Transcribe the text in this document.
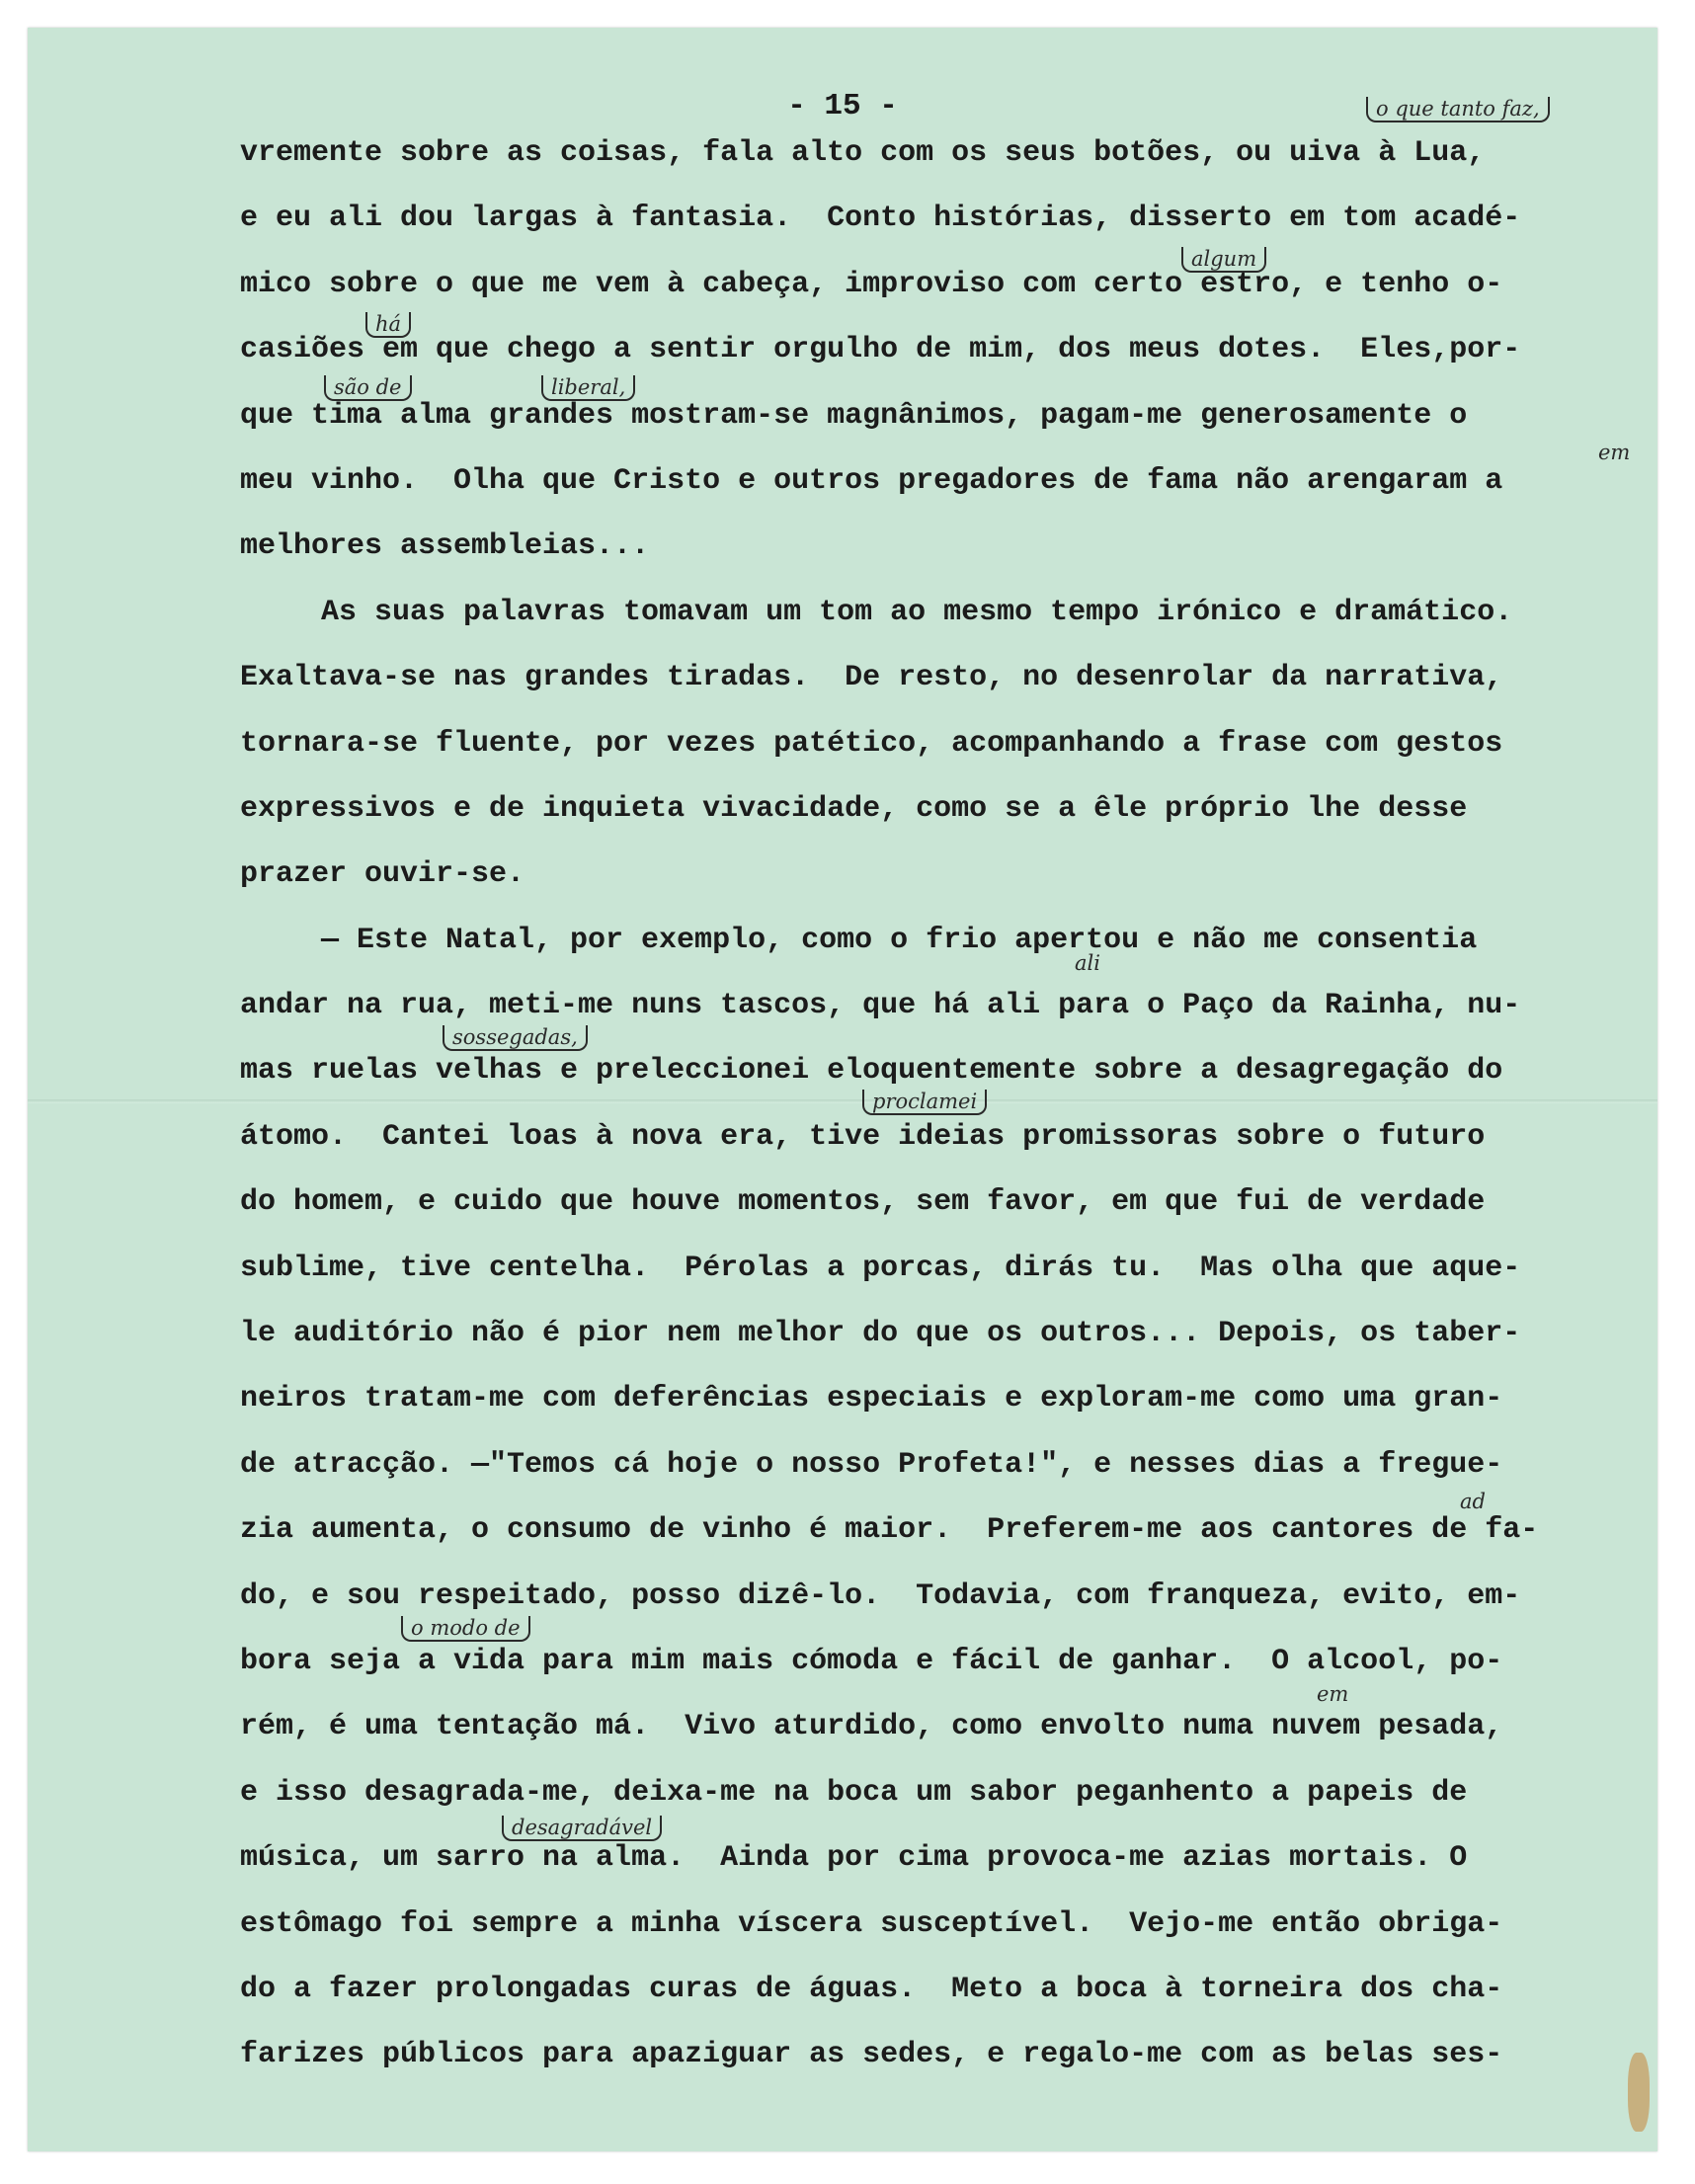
- 15 -
vremente sobre as coisas, fala alto com os seus botões, ou uiva à Lua,
e eu ali dou largas à fantasia.  Conto histórias, disserto em tom acadé-
mico sobre o que me vem à cabeça, improviso com certo estro, e tenho o-
casiões em que chego a sentir orgulho de mim, dos meus dotes.  Eles,por-
que tima alma grandes mostram-se magnânimos, pagam-me generosamente o
meu vinho.  Olha que Cristo e outros pregadores de fama não arengaram a
melhores assembleias...
As suas palavras tomavam um tom ao mesmo tempo irónico e dramático.
Exaltava-se nas grandes tiradas.  De resto, no desenrolar da narrativa,
tornara-se fluente, por vezes patético, acompanhando a frase com gestos
expressivos e de inquieta vivacidade, como se a êle próprio lhe desse
prazer ouvir-se.
— Este Natal, por exemplo, como o frio apertou e não me consentia
andar na rua, meti-me nuns tascos, que há ali para o Paço da Rainha, nu-
mas ruelas velhas e preleccionei eloquentemente sobre a desagregação do
átomo.  Cantei loas à nova era, tive ideias promissoras sobre o futuro
do homem, e cuido que houve momentos, sem favor, em que fui de verdade
sublime, tive centelha.  Pérolas a porcas, dirás tu.  Mas olha que aque-
le auditório não é pior nem melhor do que os outros... Depois, os taber-
neiros tratam-me com deferências especiais e exploram-me como uma gran-
de atracção. —"Temos cá hoje o nosso Profeta!", e nesses dias a fregue-
zia aumenta, o consumo de vinho é maior.  Preferem-me aos cantores de fa-
do, e sou respeitado, posso dizê-lo.  Todavia, com franqueza, evito, em-
bora seja a vida para mim mais cómoda e fácil de ganhar.  O alcool, po-
rém, é uma tentação má.  Vivo aturdido, como envolto numa nuvem pesada,
e isso desagrada-me, deixa-me na boca um sabor peganhento a papeis de
música, um sarro na alma.  Ainda por cima provoca-me azias mortais. O
estômago foi sempre a minha víscera susceptível.  Vejo-me então obriga-
do a fazer prolongadas curas de águas.  Meto a boca à torneira dos cha-
farizes públicos para apaziguar as sedes, e regalo-me com as belas ses-
o que tanto faz,
algum
há
são de	liberal,
em
ali
sossegadas,
proclamei
ad
o modo de
em
desagradável
